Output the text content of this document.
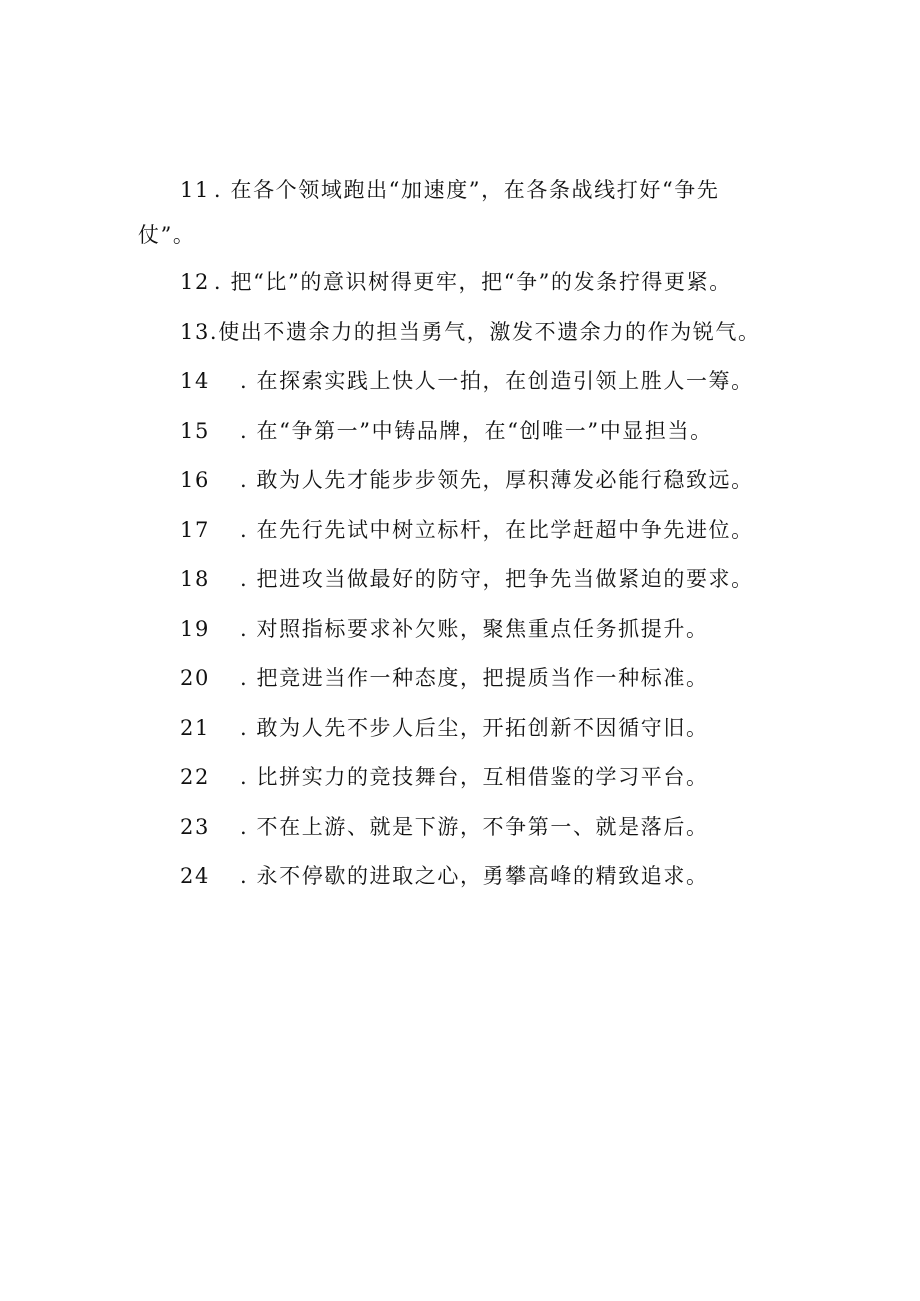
11 . 在各个领域跑出“加速度”，在各条战线打好“争先
仗”。
12 . 把“比”的意识树得更牢，把“争”的发条拧得更紧。
13.使出不遗余力的担当勇气，激发不遗余力的作为锐气。
14 . 在探索实践上快人一拍，在创造引领上胜人一筹。
15 . 在“争第一”中铸品牌，在“创唯一”中显担当。
16 . 敢为人先才能步步领先，厚积薄发必能行稳致远。
17 . 在先行先试中树立标杆，在比学赶超中争先进位。
18 . 把进攻当做最好的防守，把争先当做紧迫的要求。
19 . 对照指标要求补欠账，聚焦重点任务抓提升。
20 . 把竞进当作一种态度，把提质当作一种标准。
21 . 敢为人先不步人后尘，开拓创新不因循守旧。
22 . 比拼实力的竞技舞台，互相借鉴的学习平台。
23 . 不在上游、就是下游，不争第一、就是落后。
24 . 永不停歇的进取之心，勇攀高峰的精致追求。
